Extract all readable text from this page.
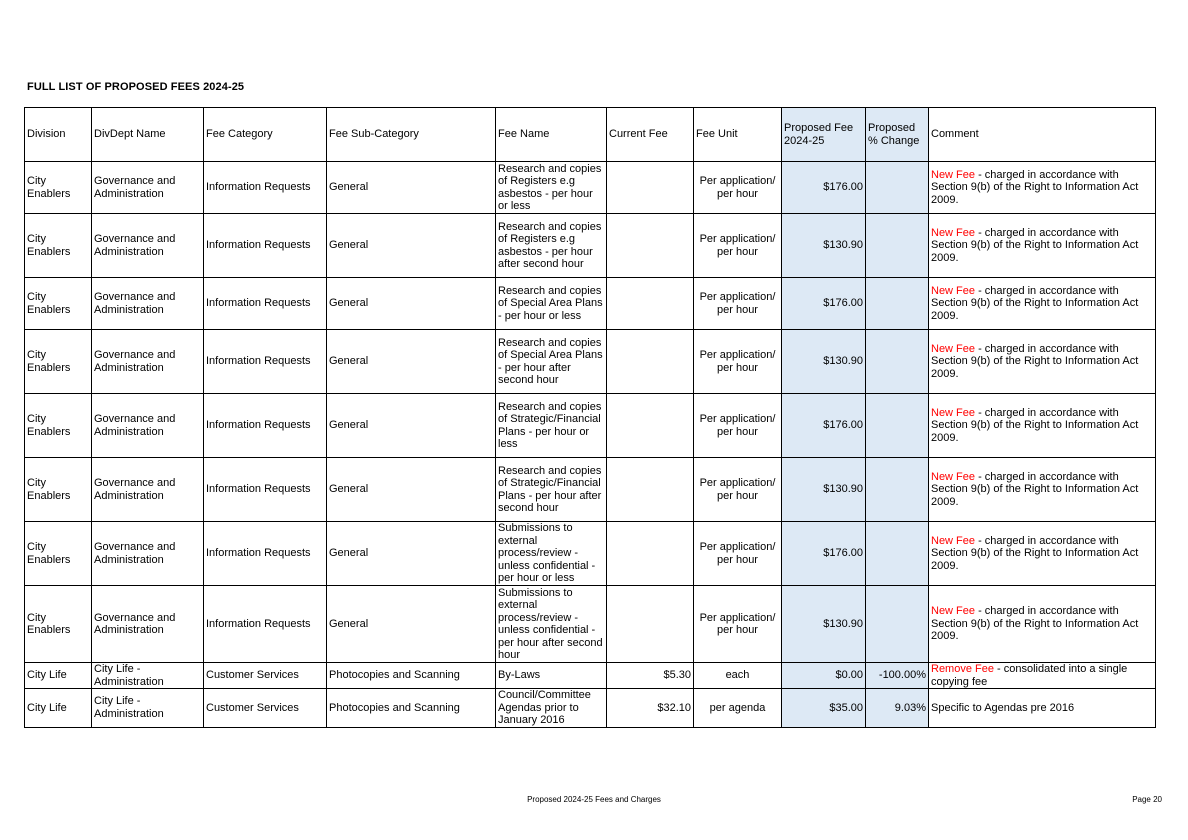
FULL LIST OF PROPOSED FEES 2024-25
Division	DivDept Name	Fee Category	Fee Sub-Category	Fee Name	Current Fee	Fee Unit	Proposed Fee 2024-25	Proposed % Change	Comment
City Enablers	Governance and Administration	Information Requests	General	Research and copies of Registers e.g asbestos - per hour or less		Per application/ per hour	$176.00		New Fee - charged in accordance with Section 9(b) of the Right to Information Act 2009.
City Enablers	Governance and Administration	Information Requests	General	Research and copies of Registers e.g asbestos - per hour after second hour		Per application/ per hour	$130.90		New Fee - charged in accordance with Section 9(b) of the Right to Information Act 2009.
City Enablers	Governance and Administration	Information Requests	General	Research and copies of Special Area Plans - per hour or less		Per application/ per hour	$176.00		New Fee - charged in accordance with Section 9(b) of the Right to Information Act 2009.
City Enablers	Governance and Administration	Information Requests	General	Research and copies of Special Area Plans - per hour after second hour		Per application/ per hour	$130.90		New Fee - charged in accordance with Section 9(b) of the Right to Information Act 2009.
City Enablers	Governance and Administration	Information Requests	General	Research and copies of Strategic/Financial Plans - per hour or less		Per application/ per hour	$176.00		New Fee - charged in accordance with Section 9(b) of the Right to Information Act 2009.
City Enablers	Governance and Administration	Information Requests	General	Research and copies of Strategic/Financial Plans - per hour after second hour		Per application/ per hour	$130.90		New Fee - charged in accordance with Section 9(b) of the Right to Information Act 2009.
City Enablers	Governance and Administration	Information Requests	General	Submissions to external process/review - unless confidential - per hour or less		Per application/ per hour	$176.00		New Fee - charged in accordance with Section 9(b) of the Right to Information Act 2009.
City Enablers	Governance and Administration	Information Requests	General	Submissions to external process/review - unless confidential - per hour after second hour		Per application/ per hour	$130.90		New Fee - charged in accordance with Section 9(b) of the Right to Information Act 2009.
City Life	City Life - Administration	Customer Services	Photocopies and Scanning	By-Laws	$5.30	each	$0.00	-100.00%	Remove Fee - consolidated into a single copying fee
City Life	City Life - Administration	Customer Services	Photocopies and Scanning	Council/Committee Agendas prior to January 2016	$32.10	per agenda	$35.00	9.03%	Specific to Agendas pre 2016
Proposed 2024-25 Fees and Charges	Page 20
